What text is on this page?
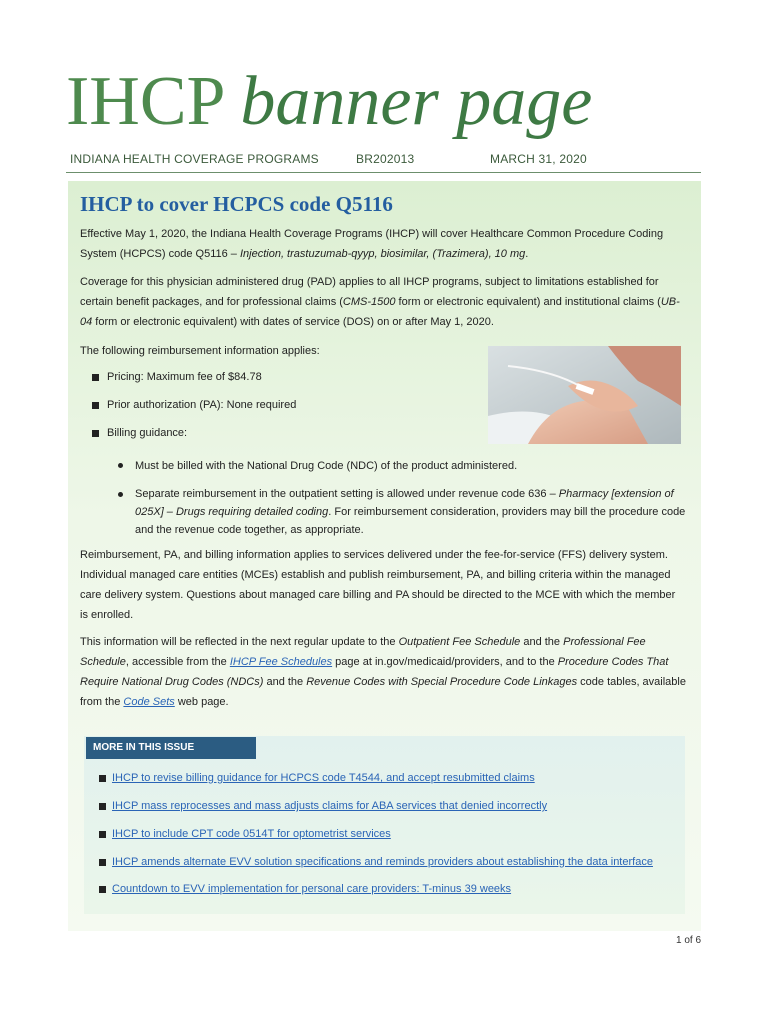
IHCP banner page
INDIANA HEALTH COVERAGE PROGRAMS	BR202013	MARCH 31, 2020
IHCP to cover HCPCS code Q5116

Effective May 1, 2020, the Indiana Health Coverage Programs (IHCP) will cover Healthcare Common Procedure Coding System (HCPCS) code Q5116 – Injection, trastuzumab-qyyp, biosimilar, (Trazimera), 10 mg.

Coverage for this physician administered drug (PAD) applies to all IHCP programs, subject to limitations established for certain benefit packages, and for professional claims (CMS-1500 form or electronic equivalent) and institutional claims (UB-04 form or electronic equivalent) with dates of service (DOS) on or after May 1, 2020.

The following reimbursement information applies:

Pricing: Maximum fee of $84.78
Prior authorization (PA): None required
Billing guidance:
Must be billed with the National Drug Code (NDC) of the product administered.

Separate reimbursement in the outpatient setting is allowed under revenue code 636 – Pharmacy [extension of 025X] – Drugs requiring detailed coding. For reimbursement consideration, providers may bill the procedure code and the revenue code together, as appropriate.

Reimbursement, PA, and billing information applies to services delivered under the fee-for-service (FFS) delivery system. Individual managed care entities (MCEs) establish and publish reimbursement, PA, and billing criteria within the managed care delivery system. Questions about managed care billing and PA should be directed to the MCE with which the member is enrolled.

This information will be reflected in the next regular update to the Outpatient Fee Schedule and the Professional Fee Schedule, accessible from the IHCP Fee Schedules page at in.gov/medicaid/providers, and to the Procedure Codes That Require National Drug Codes (NDCs) and the Revenue Codes with Special Procedure Code Linkages code tables, available from the Code Sets web page.

MORE IN THIS ISSUE
IHCP to revise billing guidance for HCPCS code T4544, and accept resubmitted claims
IHCP mass reprocesses and mass adjusts claims for ABA services that denied incorrectly
IHCP to include CPT code 0514T for optometrist services
IHCP amends alternate EVV solution specifications and reminds providers about establishing the data interface
Countdown to EVV implementation for personal care providers: T-minus 39 weeks
1 of 6
